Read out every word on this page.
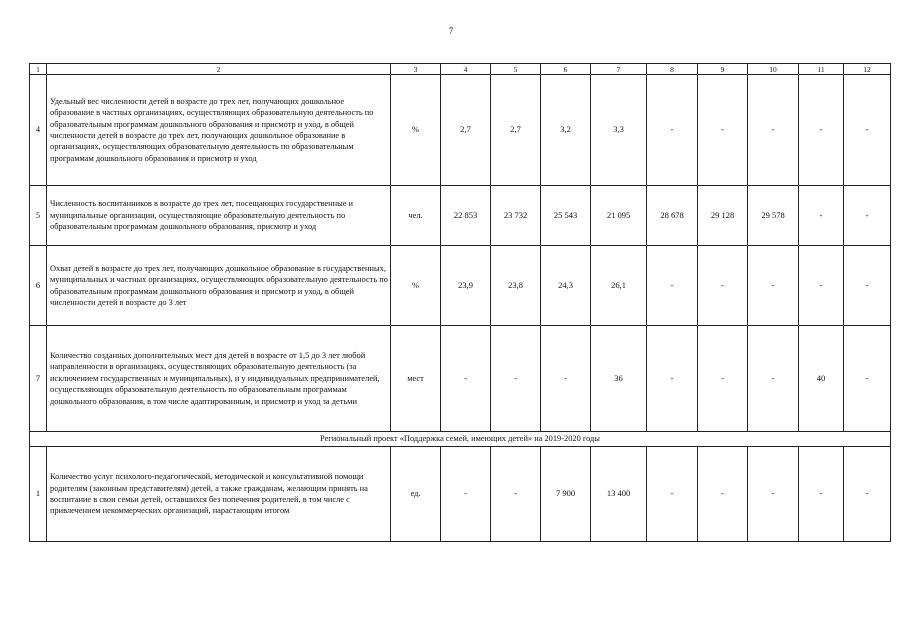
7
1	2	3	4	5	6	7	8	9	10	11	12
4	Удельный вес численности детей в возрасте до трех лет, получающих дошкольное образование в частных организациях, осуществляющих образовательную деятельность по образовательным программам дошкольного образования и присмотр и уход, в общей численности детей в возрасте до трех лет, получающих дошкольное образование в организациях, осуществляющих образовательную деятельность по образовательным программам дошкольного образования и присмотр и уход	%	2,7	2,7	3,2	3,3	-	-	-	-	-
5	Численность воспитанников в возрасте до трех лет, посещающих государственные и муниципальные организации, осуществляющие образовательную деятельность по образовательным программам дошкольного образования, присмотр и уход	чел.	22 853	23 732	25 543	21 095	28 678	29 128	29 578	-	-
6	Охват детей в возрасте до трех лет, получающих дошкольное образование в государственных, муниципальных и частных организациях, осуществляющих образовательную деятельность по образовательным программам дошкольного образования и присмотр и уход, в общей численности детей в возрасте до 3 лет	%	23,9	23,8	24,3	26,1	-	-	-	-	-
7	Количество созданных дополнительных мест для детей в возрасте от 1,5 до 3 лет любой направленности в организациях, осуществляющих образовательную деятельность (за исключением государственных и муниципальных), и у индивидуальных предпринимателей, осуществляющих образовательную деятельность по образовательным программам дошкольного образования, в том числе адаптированным, и присмотр и уход за детьми	мест	-	-	-	36	-	-	-	40	-
Региональный проект «Поддержка семей, имеющих детей» на 2019-2020 годы											
1	Количество услуг психолого-педагогической, методической и консультативной помощи родителям (законным представителям) детей, а также гражданам, желающим принять на воспитание в свои семьи детей, оставшихся без попечения родителей, в том числе с привлечением некоммерческих организаций, нарастающим итогом	ед.	-	-	7 900	13 400	-	-	-	-	-
